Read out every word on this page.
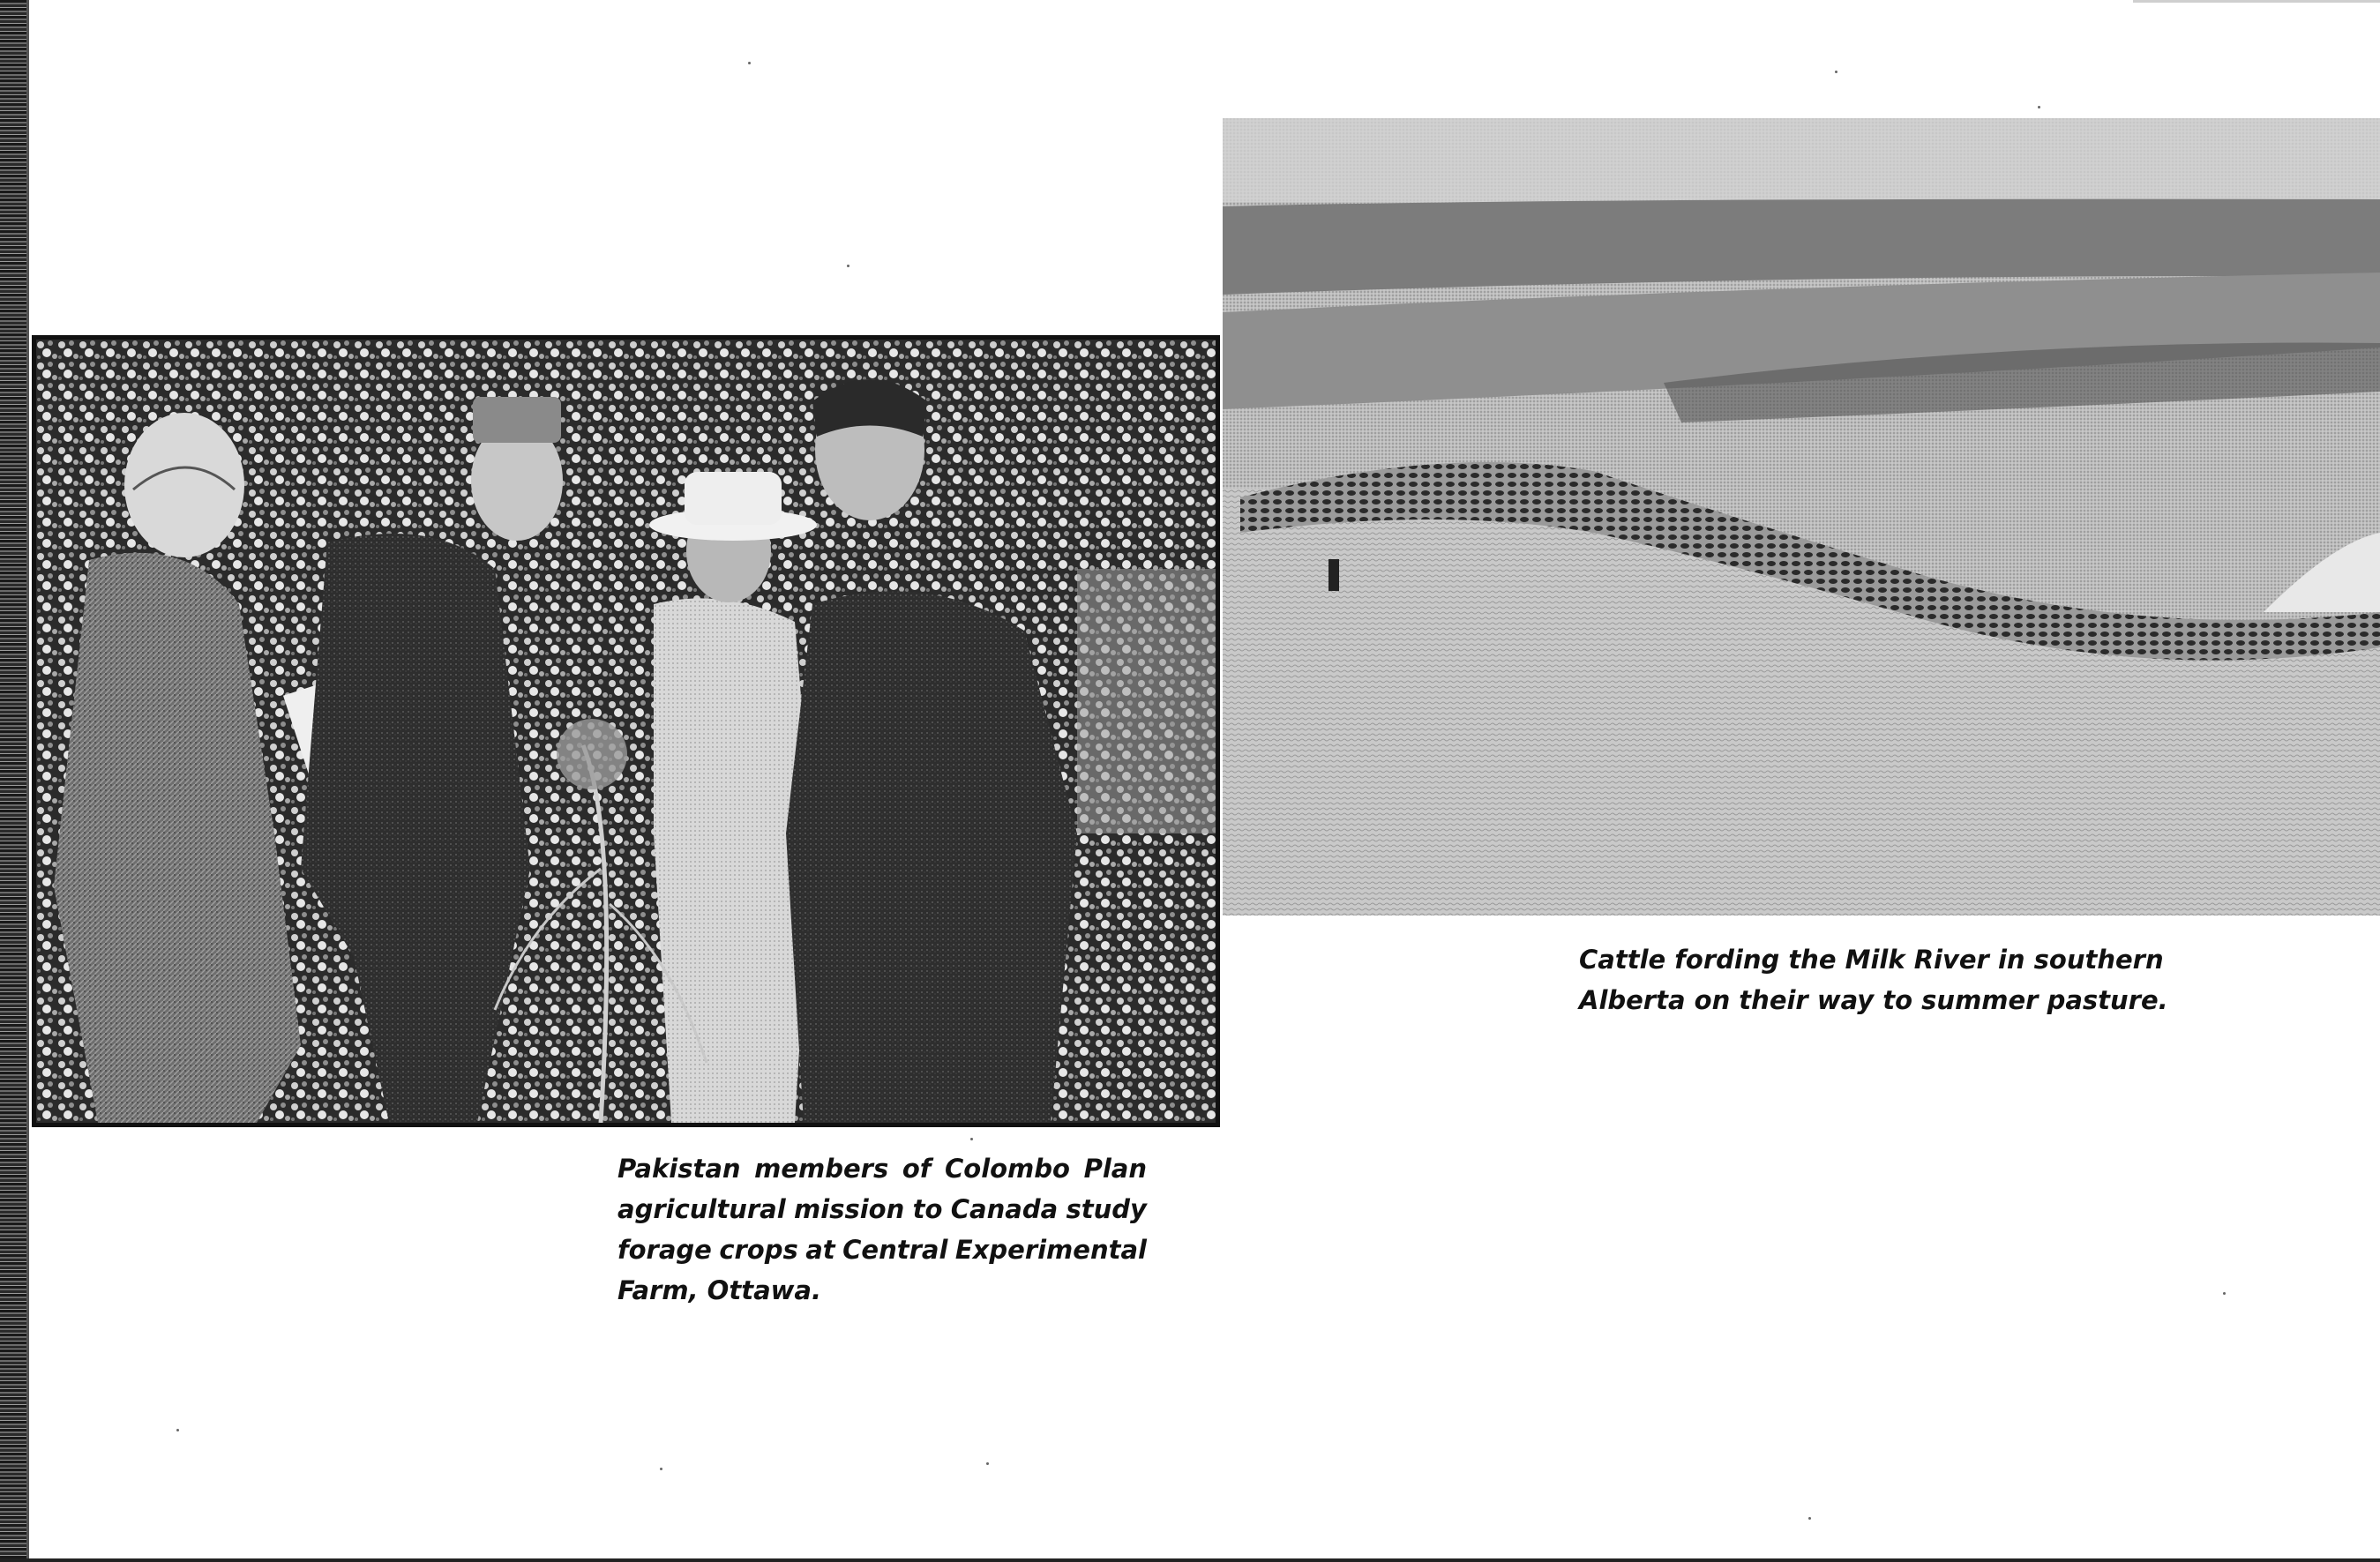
Pakistan members of Colombo Plan
agricultural mission to Canada study
forage crops at Central Experimental
Farm, Ottawa.
Cattle fording the Milk River in southern
Alberta on their way to summer pasture.
